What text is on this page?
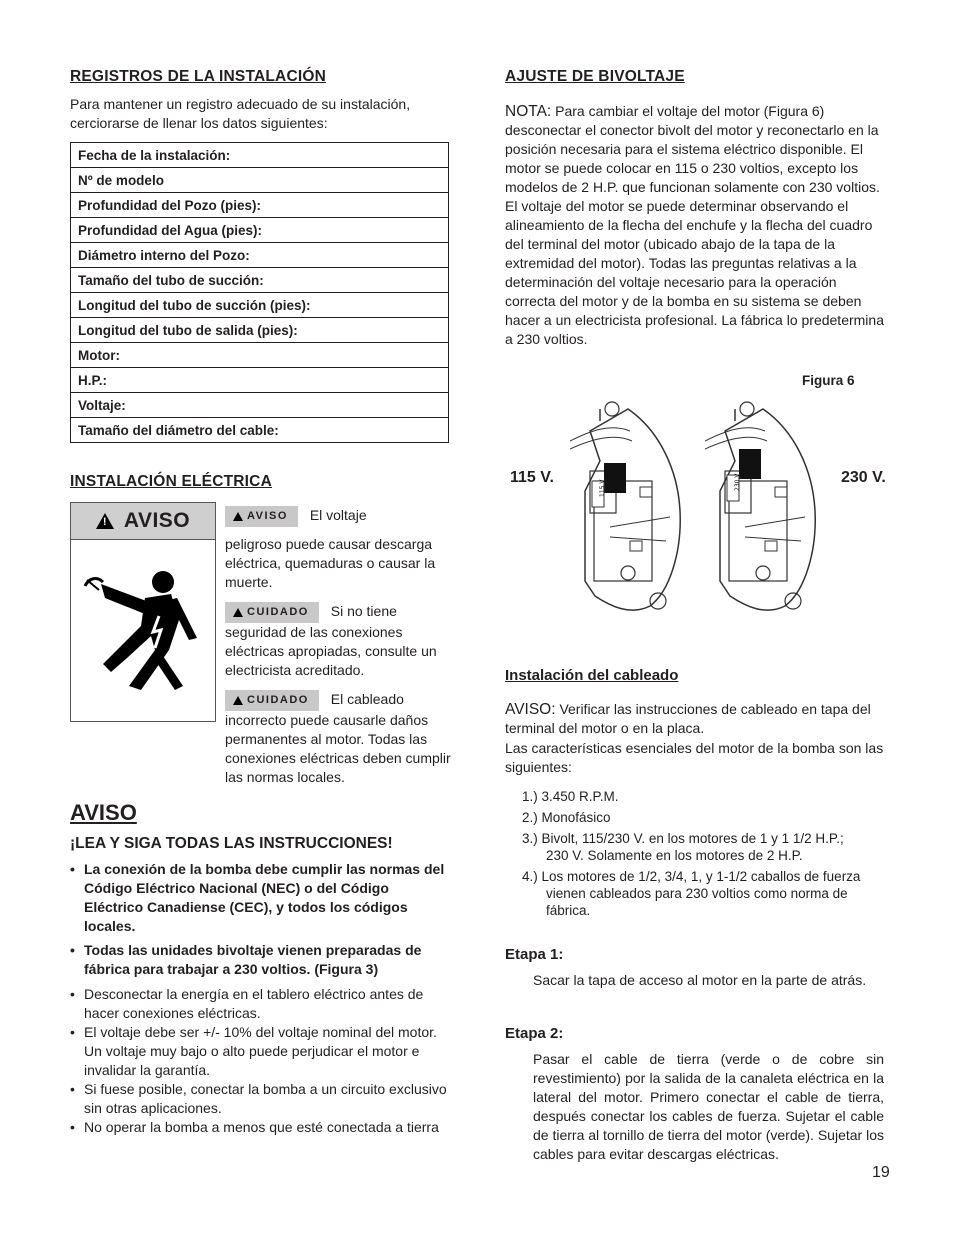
REGISTROS DE LA INSTALACIÓN

Para mantener un registro adecuado de su instalación, cerciorarse de llenar los datos siguientes:

Fecha de la instalación:
Nº de modelo
Profundidad del Pozo (pies):
Profundidad del Agua (pies):
Diámetro interno del Pozo:
Tamaño del tubo de succión:
Longitud del tubo de succión (pies):
Longitud del tubo de salida (pies):
Motor:
H.P.:
Voltaje:
Tamaño del diámetro del cable:
INSTALACIÓN ELÉCTRICA
!
AVISO	AVISO El voltaje
peligroso puede causar descarga eléctrica, quemaduras o causar la muerte.
CUIDADO Si no tiene
seguridad de las conexiones eléctricas apropiadas, consulte un electricista acreditado.
CUIDADO El cableado
incorrecto puede causarle daños permanentes al motor. Todas las conexiones eléctricas deben cumplir las normas locales.
AVISO
¡LEA Y SIGA TODAS LAS INSTRUCCIONES!
• La conexión de la bomba debe cumplir las normas del Código Eléctrico Nacional (NEC) o del Código Eléctrico Canadiense (CEC), y todos los códigos locales.
• Todas las unidades bivoltaje vienen preparadas de fábrica para trabajar a 230 voltios. (Figura 3)
• Desconectar la energía en el tablero eléctrico antes de hacer conexiones eléctricas.
• El voltaje debe ser +/- 10% del voltaje nominal del motor. Un voltaje muy bajo o alto puede perjudicar el motor e invalidar la garantía.
• Si fuese posible, conectar la bomba a un circuito exclusivo sin otras aplicaciones.
• No operar la bomba a menos que esté conectada a tierra
AJUSTE DE BIVOLTAJE

NOTA: Para cambiar el voltaje del motor (Figura 6) desconectar el conector bivolt del motor y reconectarlo en la posición necesaria para el sistema eléctrico disponible. El motor se puede colocar en 115 o 230 voltios, excepto los modelos de 2 H.P. que funcionan solamente con 230 voltios. El voltaje del motor se puede determinar observando el alineamiento de la flecha del enchufe y la flecha del cuadro del terminal del motor (ubicado abajo de la tapa de la extremidad del motor). Todas las preguntas relativas a la determinación del voltaje necesario para la operación correcta del motor y de la bomba en su sistema se deben hacer a un electricista profesional. La fábrica lo predetermina a 230 voltios.

Figura 6
115 V.	230 V.
115 V	230 V
Instalación del cableado

AVISO: Verificar las instrucciones de cableado en tapa del terminal del motor o en la placa.

Las características esenciales del motor de la bomba son las siguientes:

1.) 3.450 R.P.M.
2.) Monofásico
3.) Bivolt, 115/230 V. en los motores de 1 y 1 1/2 H.P.; 230 V. Solamente en los motores de 2 H.P.
4.) Los motores de 1/2, 3/4, 1, y 1-1/2 caballos de fuerza vienen cableados para 230 voltios como norma de fábrica.
Etapa 1:

Sacar la tapa de acceso al motor en la parte de atrás.

Etapa 2:

Pasar el cable de tierra (verde o de cobre sin revestimiento) por la salida de la canaleta eléctrica en la lateral del motor. Primero conectar el cable de tierra, después conectar los cables de fuerza. Sujetar el cable de tierra al tornillo de tierra del motor (verde). Sujetar los cables para evitar descargas eléctricas.

19
